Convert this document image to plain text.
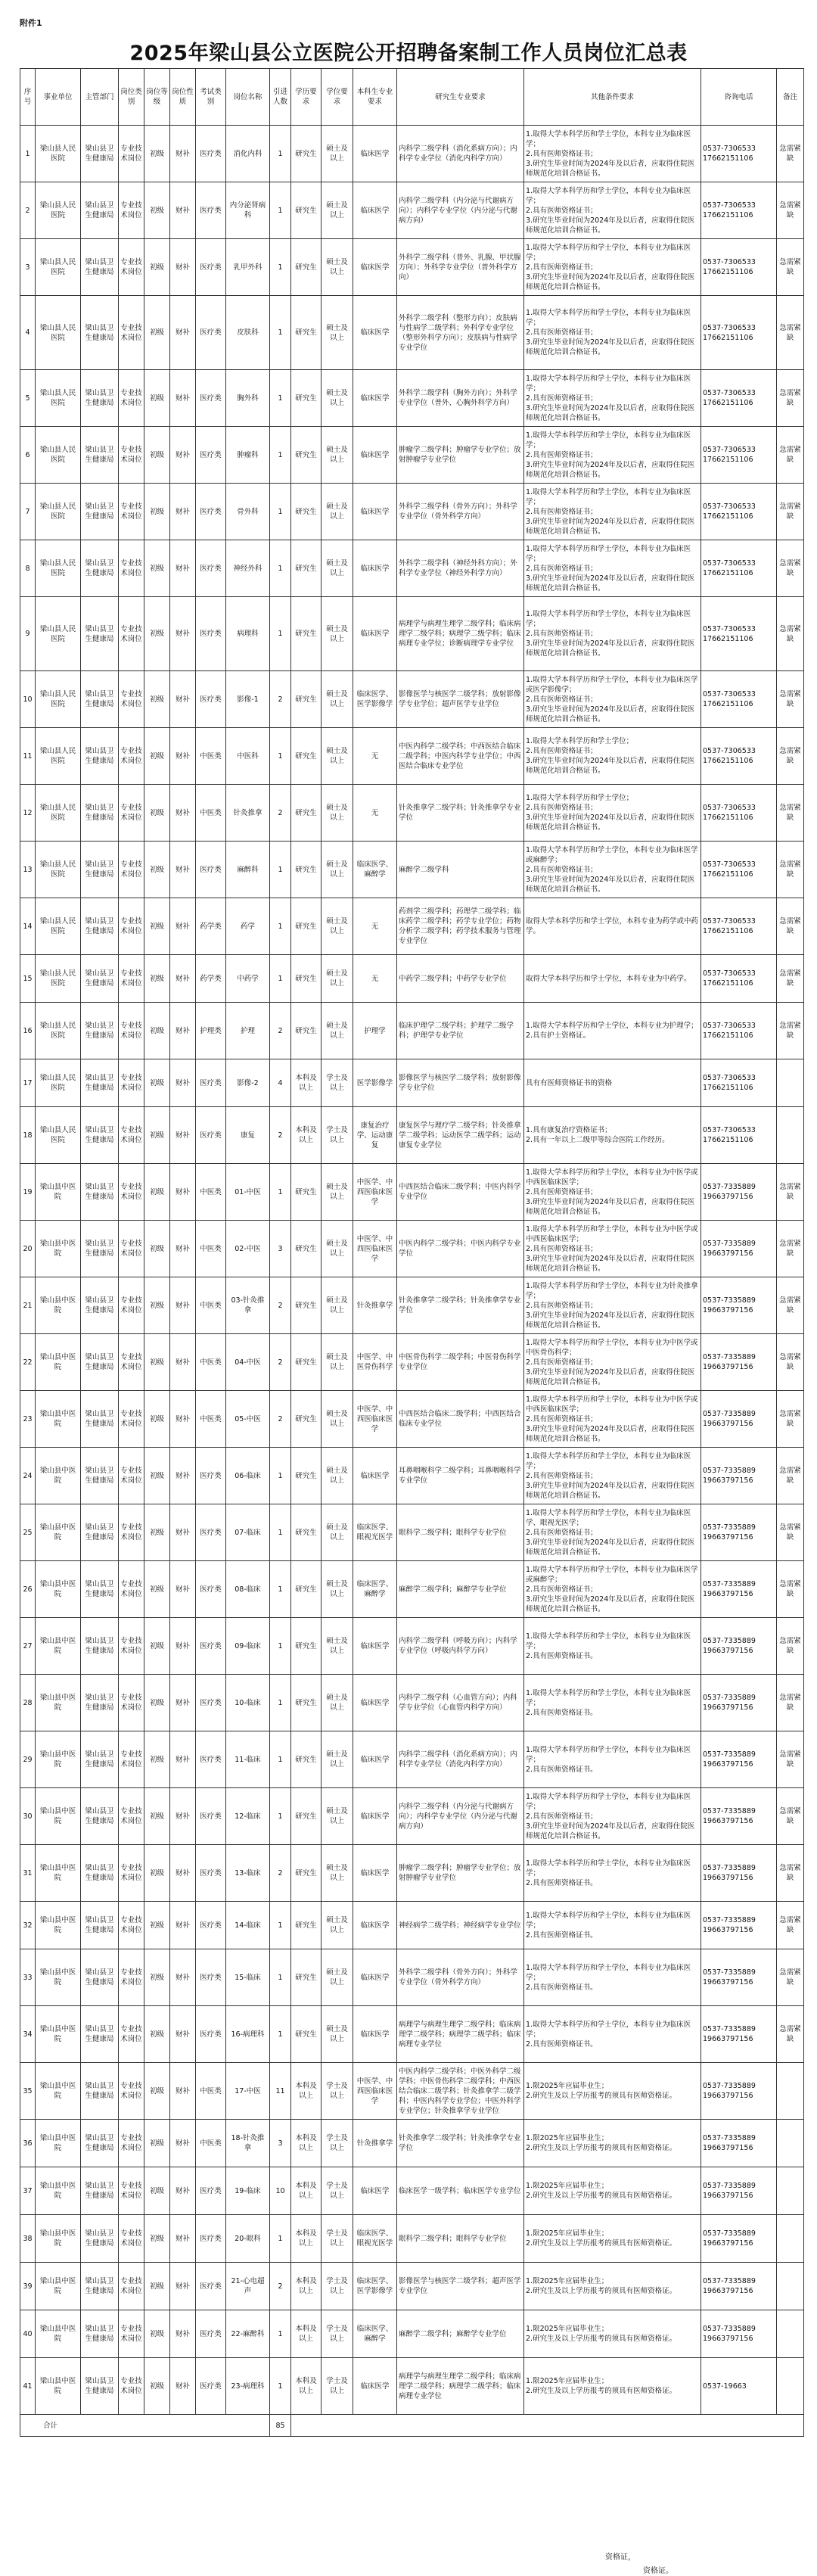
附件1
2025年梁山县公立医院公开招聘备案制工作人员岗位汇总表
序号	事业单位	主管部门	岗位类别	岗位等级	岗位性质	考试类别	岗位名称	引进人数	学历要求	学位要求	本科生专业要求	研究生专业要求	其他条件要求	咨询电话	备注
1	梁山县人民医院	梁山县卫生健康局	专业技术岗位	初级	财补	医疗类	消化内科	1	研究生	硕士及以上	临床医学	内科学二级学科（消化系病方向）；内科学专业学位（消化内科学方向）	1.取得大学本科学历和学士学位，本科专业为临床医学；
2.具有医师资格证书；
3.研究生毕业时间为2024年及以后者，应取得住院医师规范化培训合格证书。	0537-7306533
17662151106	急需紧缺
2	梁山县人民医院	梁山县卫生健康局	专业技术岗位	初级	财补	医疗类	内分泌肾病科	1	研究生	硕士及以上	临床医学	内科学二级学科（内分泌与代谢病方向）；内科学专业学位（内分泌与代谢病方向）	1.取得大学本科学历和学士学位，本科专业为临床医学；
2.具有医师资格证书；
3.研究生毕业时间为2024年及以后者，应取得住院医师规范化培训合格证书。	0537-7306533
17662151106	急需紧缺
3	梁山县人民医院	梁山县卫生健康局	专业技术岗位	初级	财补	医疗类	乳甲外科	1	研究生	硕士及以上	临床医学	外科学二级学科（普外、乳腺、甲状腺方向）；外科学专业学位（普外科学方向）	1.取得大学本科学历和学士学位，本科专业为临床医学；
2.具有医师资格证书；
3.研究生毕业时间为2024年及以后者，应取得住院医师规范化培训合格证书。	0537-7306533
17662151106	急需紧缺
4	梁山县人民医院	梁山县卫生健康局	专业技术岗位	初级	财补	医疗类	皮肤科	1	研究生	硕士及以上	临床医学	外科学二级学科（整形方向）；皮肤病与性病学二级学科；外科学专业学位（整形外科学方向）；皮肤病与性病学专业学位	1.取得大学本科学历和学士学位，本科专业为临床医学；
2.具有医师资格证书；
3.研究生毕业时间为2024年及以后者，应取得住院医师规范化培训合格证书。	0537-7306533
17662151106	急需紧缺
5	梁山县人民医院	梁山县卫生健康局	专业技术岗位	初级	财补	医疗类	胸外科	1	研究生	硕士及以上	临床医学	外科学二级学科（胸外方向）；外科学专业学位（普外、心胸外科学方向）	1.取得大学本科学历和学士学位，本科专业为临床医学；
2.具有医师资格证书；
3.研究生毕业时间为2024年及以后者，应取得住院医师规范化培训合格证书。	0537-7306533
17662151106	急需紧缺
6	梁山县人民医院	梁山县卫生健康局	专业技术岗位	初级	财补	医疗类	肿瘤科	1	研究生	硕士及以上	临床医学	肿瘤学二级学科；肿瘤学专业学位；放射肿瘤学专业学位	1.取得大学本科学历和学士学位，本科专业为临床医学；
2.具有医师资格证书；
3.研究生毕业时间为2024年及以后者，应取得住院医师规范化培训合格证书。	0537-7306533
17662151106	急需紧缺
7	梁山县人民医院	梁山县卫生健康局	专业技术岗位	初级	财补	医疗类	骨外科	1	研究生	硕士及以上	临床医学	外科学二级学科（骨外方向）；外科学专业学位（骨外科学方向）	1.取得大学本科学历和学士学位，本科专业为临床医学；
2.具有医师资格证书；
3.研究生毕业时间为2024年及以后者，应取得住院医师规范化培训合格证书。	0537-7306533
17662151106	急需紧缺
8	梁山县人民医院	梁山县卫生健康局	专业技术岗位	初级	财补	医疗类	神经外科	1	研究生	硕士及以上	临床医学	外科学二级学科（神经外科方向）；外科学专业学位（神经外科学方向）	1.取得大学本科学历和学士学位，本科专业为临床医学；
2.具有医师资格证书；
3.研究生毕业时间为2024年及以后者，应取得住院医师规范化培训合格证书。	0537-7306533
17662151106	急需紧缺
9	梁山县人民医院	梁山县卫生健康局	专业技术岗位	初级	财补	医疗类	病理科	1	研究生	硕士及以上	临床医学	病理学与病理生理学二级学科；临床病理学二级学科；病理学二级学科；临床病理专业学位；诊断病理学专业学位	1.取得大学本科学历和学士学位，本科专业为临床医学；
2.具有医师资格证书；
3.研究生毕业时间为2024年及以后者，应取得住院医师规范化培训合格证书。	0537-7306533
17662151106	急需紧缺
10	梁山县人民医院	梁山县卫生健康局	专业技术岗位	初级	财补	医疗类	影像-1	2	研究生	硕士及以上	临床医学、医学影像学	影像医学与核医学二级学科；放射影像学专业学位；超声医学专业学位	1.取得大学本科学历和学士学位，本科专业为临床医学或医学影像学；
2.具有医师资格证书；
3.研究生毕业时间为2024年及以后者，应取得住院医师规范化培训合格证书。	0537-7306533
17662151106	急需紧缺
11	梁山县人民医院	梁山县卫生健康局	专业技术岗位	初级	财补	中医类	中医科	1	研究生	硕士及以上	无	中医内科学二级学科；中西医结合临床二级学科；中医内科学专业学位；中西医结合临床专业学位	1.取得大学本科学历和学士学位；
2.具有医师资格证书；
3.研究生毕业时间为2024年及以后者，应取得住院医师规范化培训合格证书。	0537-7306533
17662151106	急需紧缺
12	梁山县人民医院	梁山县卫生健康局	专业技术岗位	初级	财补	中医类	针灸推拿	2	研究生	硕士及以上	无	针灸推拿学二级学科；针灸推拿学专业学位	1.取得大学本科学历和学士学位；
2.具有医师资格证书；
3.研究生毕业时间为2024年及以后者，应取得住院医师规范化培训合格证书。	0537-7306533
17662151106	急需紧缺
13	梁山县人民医院	梁山县卫生健康局	专业技术岗位	初级	财补	医疗类	麻醉科	1	研究生	硕士及以上	临床医学、麻醉学	麻醉学二级学科	1.取得大学本科学历和学士学位，本科专业为临床医学或麻醉学；
2.具有医师资格证书；
3.研究生毕业时间为2024年及以后者，应取得住院医师规范化培训合格证书。	0537-7306533
17662151106	急需紧缺
14	梁山县人民医院	梁山县卫生健康局	专业技术岗位	初级	财补	药学类	药学	1	研究生	硕士及以上	无	药剂学二级学科；药理学二级学科；临床药学二级学科；药学专业学位；药物分析学二级学科；药学技术服务与管理专业学位	取得大学本科学历和学士学位，本科专业为药学或中药学。	0537-7306533
17662151106	急需紧缺
15	梁山县人民医院	梁山县卫生健康局	专业技术岗位	初级	财补	药学类	中药学	1	研究生	硕士及以上	无	中药学二级学科；中药学专业学位	取得大学本科学历和学士学位，本科专业为中药学。	0537-7306533
17662151106	急需紧缺
16	梁山县人民医院	梁山县卫生健康局	专业技术岗位	初级	财补	护理类	护理	2	研究生	硕士及以上	护理学	临床护理学二级学科；护理学二级学科；护理学专业学位	1.取得大学本科学历和学士学位，本科专业为护理学；
2.具有护士资格证。	0537-7306533
17662151106	急需紧缺
17	梁山县人民医院	梁山县卫生健康局	专业技术岗位	初级	财补	医疗类	影像-2	4	本科及以上	学士及以上	医学影像学	影像医学与核医学二级学科；放射影像学专业学位	具有有医师资格证书的资格	0537-7306533
17662151106	
18	梁山县人民医院	梁山县卫生健康局	专业技术岗位	初级	财补	医疗类	康复	2	本科及以上	学士及以上	康复治疗学、运动康复	康复医学与理疗学二级学科；针灸推拿学二级学科；运动医学二级学科；运动康复专业学位	1.具有康复治疗资格证书；
2.具有一年以上二级甲等综合医院工作经历。	0537-7306533
17662151106	
19	梁山县中医院	梁山县卫生健康局	专业技术岗位	初级	财补	中医类	01-中医	1	研究生	硕士及以上	中医学、中西医临床医学	中西医结合临床二级学科；中医内科学专业学位	1.取得大学本科学历和学士学位，本科专业为中医学或中西医临床医学；
2.具有医师资格证书；
3.研究生毕业时间为2024年及以后者，应取得住院医师规范化培训合格证书。	0537-7335889
19663797156	急需紧缺
20	梁山县中医院	梁山县卫生健康局	专业技术岗位	初级	财补	中医类	02-中医	3	研究生	硕士及以上	中医学、中西医临床医学	中医内科学二级学科；中医内科学专业学位	1.取得大学本科学历和学士学位，本科专业为中医学或中西医临床医学；
2.具有医师资格证书；
3.研究生毕业时间为2024年及以后者，应取得住院医师规范化培训合格证书。	0537-7335889
19663797156	急需紧缺
21	梁山县中医院	梁山县卫生健康局	专业技术岗位	初级	财补	中医类	03-针灸推拿	2	研究生	硕士及以上	针灸推拿学	针灸推拿学二级学科；针灸推拿学专业学位	1.取得大学本科学历和学士学位，本科专业为针灸推拿学；
2.具有医师资格证书；
3.研究生毕业时间为2024年及以后者，应取得住院医师规范化培训合格证书。	0537-7335889
19663797156	急需紧缺
22	梁山县中医院	梁山县卫生健康局	专业技术岗位	初级	财补	中医类	04-中医	2	研究生	硕士及以上	中医学、中医骨伤科学	中医骨伤科学二级学科；中医骨伤科学专业学位	1.取得大学本科学历和学士学位，本科专业为中医学或中医骨伤科学；
2.具有医师资格证书；
3.研究生毕业时间为2024年及以后者，应取得住院医师规范化培训合格证书。	0537-7335889
19663797156	急需紧缺
23	梁山县中医院	梁山县卫生健康局	专业技术岗位	初级	财补	中医类	05-中医	2	研究生	硕士及以上	中医学、中西医临床医学	中西医结合临床二级学科；中西医结合临床专业学位	1.取得大学本科学历和学士学位，本科专业为中医学或中西医临床医学；
2.具有医师资格证书；
3.研究生毕业时间为2024年及以后者，应取得住院医师规范化培训合格证书。	0537-7335889
19663797156	急需紧缺
24	梁山县中医院	梁山县卫生健康局	专业技术岗位	初级	财补	医疗类	06-临床	1	研究生	硕士及以上	临床医学	耳鼻咽喉科学二级学科；耳鼻咽喉科学专业学位	1.取得大学本科学历和学士学位，本科专业为临床医学；
2.具有医师资格证书；
3.研究生毕业时间为2024年及以后者，应取得住院医师规范化培训合格证书。	0537-7335889
19663797156	急需紧缺
25	梁山县中医院	梁山县卫生健康局	专业技术岗位	初级	财补	医疗类	07-临床	1	研究生	硕士及以上	临床医学、眼视光医学	眼科学二级学科；眼科学专业学位	1.取得大学本科学历和学士学位，本科专业为临床医学、眼视光医学；
2.具有医师资格证书；
3.研究生毕业时间为2024年及以后者，应取得住院医师规范化培训合格证书。	0537-7335889
19663797156	急需紧缺
26	梁山县中医院	梁山县卫生健康局	专业技术岗位	初级	财补	医疗类	08-临床	1	研究生	硕士及以上	临床医学、麻醉学	麻醉学二级学科；麻醉学专业学位	1.取得大学本科学历和学士学位，本科专业为临床医学或麻醉学；
2.具有医师资格证书；
3.研究生毕业时间为2024年及以后者，应取得住院医师规范化培训合格证书。	0537-7335889
19663797156	急需紧缺
27	梁山县中医院	梁山县卫生健康局	专业技术岗位	初级	财补	医疗类	09-临床	1	研究生	硕士及以上	临床医学	内科学二级学科（呼吸方向）；内科学专业学位（呼吸内科学方向）	1.取得大学本科学历和学士学位，本科专业为临床医学；
2.具有医师资格证书。	0537-7335889
19663797156	急需紧缺
28	梁山县中医院	梁山县卫生健康局	专业技术岗位	初级	财补	医疗类	10-临床	1	研究生	硕士及以上	临床医学	内科学二级学科（心血管方向）；内科学专业学位（心血管内科学方向）	1.取得大学本科学历和学士学位，本科专业为临床医学；
2.具有医师资格证书。	0537-7335889
19663797156	急需紧缺
29	梁山县中医院	梁山县卫生健康局	专业技术岗位	初级	财补	医疗类	11-临床	1	研究生	硕士及以上	临床医学	内科学二级学科（消化系病方向）；内科学专业学位（消化内科学方向）	1.取得大学本科学历和学士学位，本科专业为临床医学；
2.具有医师资格证书。	0537-7335889
19663797156	急需紧缺
30	梁山县中医院	梁山县卫生健康局	专业技术岗位	初级	财补	医疗类	12-临床	1	研究生	硕士及以上	临床医学	内科学二级学科（内分泌与代谢病方向）；内科学专业学位（内分泌与代谢病方向）	1.取得大学本科学历和学士学位，本科专业为临床医学；
2.具有医师资格证书；
3.研究生毕业时间为2024年及以后者，应取得住院医师规范化培训合格证书。	0537-7335889
19663797156	急需紧缺
31	梁山县中医院	梁山县卫生健康局	专业技术岗位	初级	财补	医疗类	13-临床	2	研究生	硕士及以上	临床医学	肿瘤学二级学科；肿瘤学专业学位；放射肿瘤学专业学位	1.取得大学本科学历和学士学位，本科专业为临床医学；
2.具有医师资格证书。	0537-7335889
19663797156	急需紧缺
32	梁山县中医院	梁山县卫生健康局	专业技术岗位	初级	财补	医疗类	14-临床	1	研究生	硕士及以上	临床医学	神经病学二级学科；神经病学专业学位	1.取得大学本科学历和学士学位，本科专业为临床医学；
2.具有医师资格证书。	0537-7335889
19663797156	急需紧缺
33	梁山县中医院	梁山县卫生健康局	专业技术岗位	初级	财补	医疗类	15-临床	1	研究生	硕士及以上	临床医学	外科学二级学科（骨外方向）；外科学专业学位（骨外科学方向）	1.取得大学本科学历和学士学位，本科专业为临床医学；
2.具有医师资格证书。	0537-7335889
19663797156	急需紧缺
34	梁山县中医院	梁山县卫生健康局	专业技术岗位	初级	财补	医疗类	16-病理科	1	研究生	硕士及以上	临床医学	病理学与病理生理学二级学科；临床病理学二级学科；病理学二级学科；临床病理专业学位	1.取得大学本科学历和学士学位，本科专业为临床医学；
2.具有医师资格证书。	0537-7335889
19663797156	急需紧缺
35	梁山县中医院	梁山县卫生健康局	专业技术岗位	初级	财补	中医类	17-中医	11	本科及以上	学士及以上	中医学、中西医临床医学	中医内科学二级学科；中医外科学二级学科；中医骨伤科学二级学科；中西医结合临床二级学科；针灸推拿学二级学科；中医内科学专业学位；中医外科学专业学位；针灸推拿学专业学位	1.限2025年应届毕业生；
2.研究生及以上学历报考的须具有医师资格证。	0537-7335889
19663797156	
36	梁山县中医院	梁山县卫生健康局	专业技术岗位	初级	财补	中医类	18-针灸推拿	3	本科及以上	学士及以上	针灸推拿学	针灸推拿学二级学科；针灸推拿学专业学位	1.限2025年应届毕业生；
2.研究生及以上学历报考的须具有医师资格证。	0537-7335889
19663797156	
37	梁山县中医院	梁山县卫生健康局	专业技术岗位	初级	财补	医疗类	19-临床	10	本科及以上	学士及以上	临床医学	临床医学一级学科；临床医学专业学位	1.限2025年应届毕业生；
2.研究生及以上学历报考的须具有医师资格证。	0537-7335889
19663797156	
38	梁山县中医院	梁山县卫生健康局	专业技术岗位	初级	财补	医疗类	20-眼科	1	本科及以上	学士及以上	临床医学、眼视光医学	眼科学二级学科；眼科学专业学位	1.限2025年应届毕业生；
2.研究生及以上学历报考的须具有医师资格证。	0537-7335889
19663797156	
39	梁山县中医院	梁山县卫生健康局	专业技术岗位	初级	财补	医疗类	21-心电超声	2	本科及以上	学士及以上	临床医学、医学影像学	影像医学与核医学二级学科；超声医学专业学位	1.限2025年应届毕业生；
2.研究生及以上学历报考的须具有医师资格证。	0537-7335889
19663797156	
40	梁山县中医院	梁山县卫生健康局	专业技术岗位	初级	财补	医疗类	22-麻醉科	1	本科及以上	学士及以上	临床医学、麻醉学	麻醉学二级学科；麻醉学专业学位	1.限2025年应届毕业生；
2.研究生及以上学历报考的须具有医师资格证。	0537-7335889
19663797156	
41	梁山县中医院	梁山县卫生健康局	专业技术岗位	初级	财补	医疗类	23-病理科	1	本科及以上	学士及以上	临床医学	病理学与病理生理学二级学科；临床病理学二级学科；病理学二级学科；临床病理专业学位	1.限2025年应届毕业生；
2.研究生及以上学历报考的须具有医师资格证。	0537-19663	
合计								85							
资格证，
资格证。
